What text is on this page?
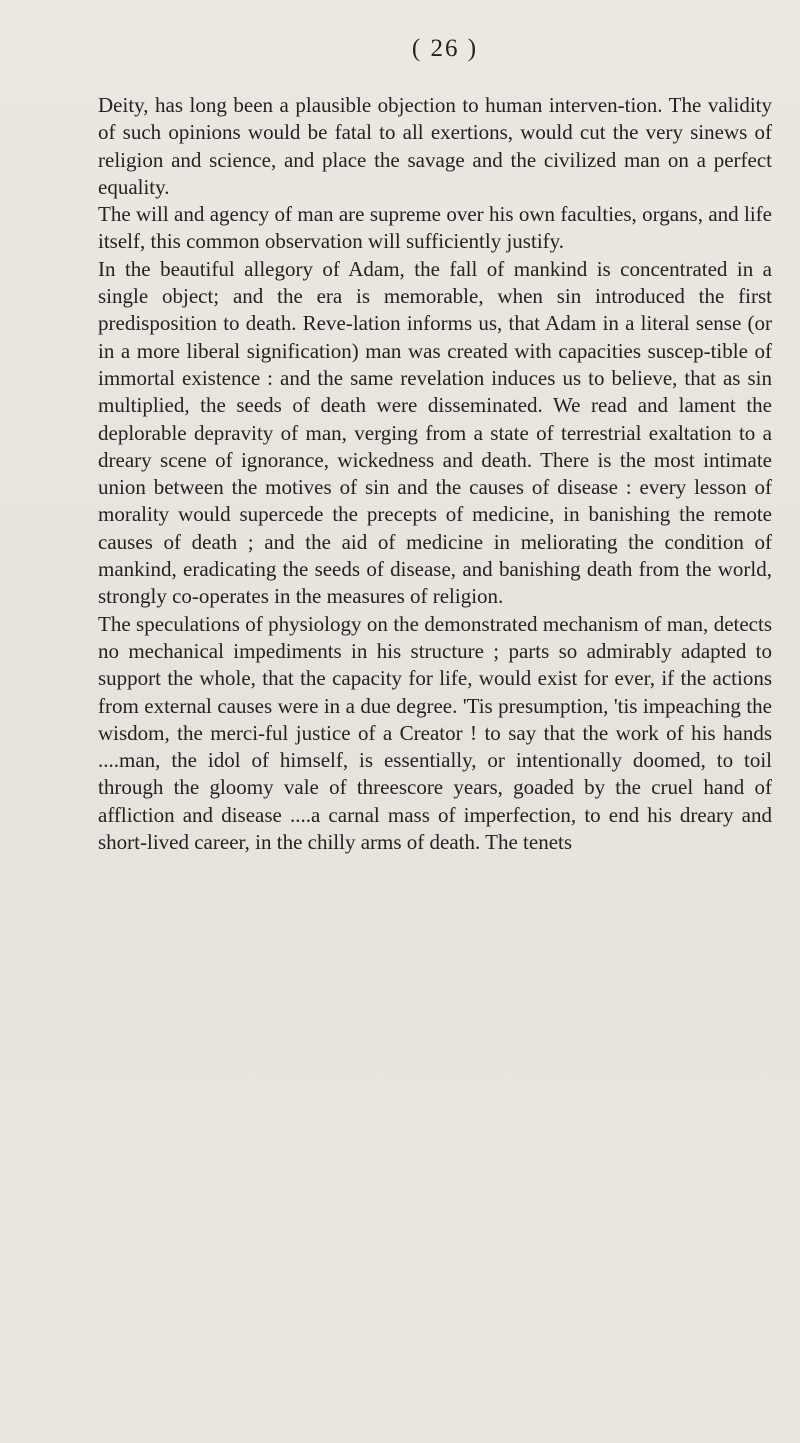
( 26 )

Deity, has long been a plausible objection to human interven-tion. The validity of such opinions would be fatal to all exertions, would cut the very sinews of religion and science, and place the savage and the civilized man on a perfect equality.

The will and agency of man are supreme over his own faculties, organs, and life itself, this common observation will sufficiently justify.

In the beautiful allegory of Adam, the fall of mankind is concentrated in a single object; and the era is memorable, when sin introduced the first predisposition to death. Reve-lation informs us, that Adam in a literal sense (or in a more liberal signification) man was created with capacities suscep-tible of immortal existence : and the same revelation induces us to believe, that as sin multiplied, the seeds of death were disseminated. We read and lament the deplorable depravity of man, verging from a state of terrestrial exaltation to a dreary scene of ignorance, wickedness and death. There is the most intimate union between the motives of sin and the causes of disease : every lesson of morality would supercede the precepts of medicine, in banishing the remote causes of death ; and the aid of medicine in meliorating the condition of mankind, eradicating the seeds of disease, and banishing death from the world, strongly co-operates in the measures of religion.

The speculations of physiology on the demonstrated mechanism of man, detects no mechanical impediments in his structure ; parts so admirably adapted to support the whole, that the capacity for life, would exist for ever, if the actions from external causes were in a due degree. 'Tis presumption, 'tis impeaching the wisdom, the merci-ful justice of a Creator ! to say that the work of his hands ....man, the idol of himself, is essentially, or intentionally doomed, to toil through the gloomy vale of threescore years, goaded by the cruel hand of affliction and disease ....a carnal mass of imperfection, to end his dreary and short-lived career, in the chilly arms of death. The tenets
